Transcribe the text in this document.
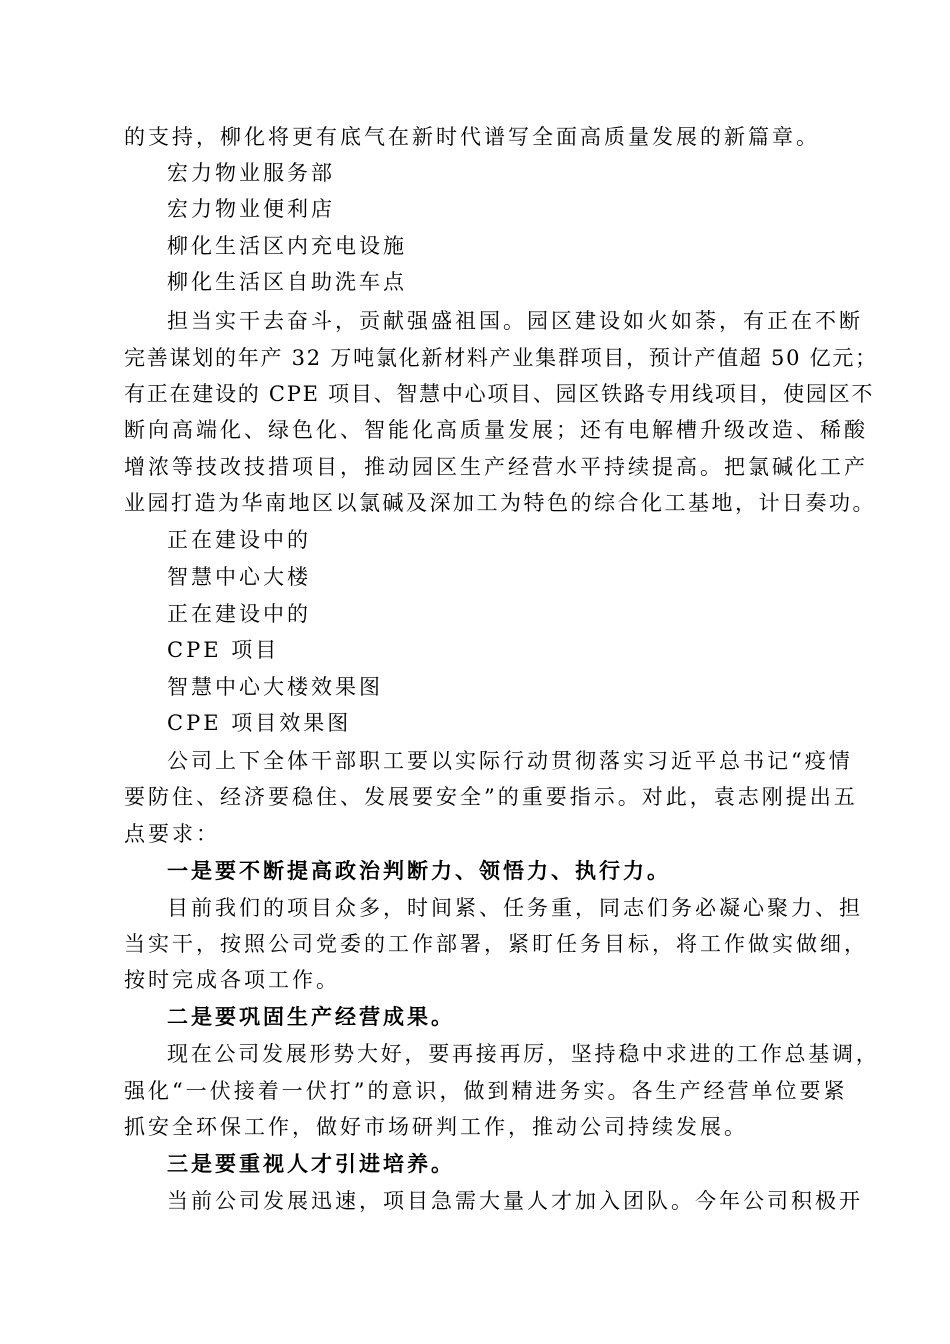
的支持，柳化将更有底气在新时代谱写全面高质量发展的新篇章。
宏力物业服务部
宏力物业便利店
柳化生活区内充电设施
柳化生活区自助洗车点
担当实干去奋斗，贡献强盛祖国。园区建设如火如荼，有正在不断
完善谋划的年产 32 万吨氯化新材料产业集群项目，预计产值超 50 亿元；
有正在建设的 CPE 项目、智慧中心项目、园区铁路专用线项目，使园区不
断向高端化、绿色化、智能化高质量发展；还有电解槽升级改造、稀酸
增浓等技改技措项目，推动园区生产经营水平持续提高。把氯碱化工产
业园打造为华南地区以氯碱及深加工为特色的综合化工基地，计日奏功。
正在建设中的
智慧中心大楼
正在建设中的
CPE 项目
智慧中心大楼效果图
CPE 项目效果图
公司上下全体干部职工要以实际行动贯彻落实习近平总书记“疫情
要防住、经济要稳住、发展要安全”的重要指示。对此，袁志刚提出五
点要求：
一是要不断提高政治判断力、领悟力、执行力。
目前我们的项目众多，时间紧、任务重，同志们务必凝心聚力、担
当实干，按照公司党委的工作部署，紧盯任务目标，将工作做实做细，
按时完成各项工作。
二是要巩固生产经营成果。
现在公司发展形势大好，要再接再厉，坚持稳中求进的工作总基调，
强化“一伏接着一伏打”的意识，做到精进务实。各生产经营单位要紧
抓安全环保工作，做好市场研判工作，推动公司持续发展。
三是要重视人才引进培养。
当前公司发展迅速，项目急需大量人才加入团队。今年公司积极开
